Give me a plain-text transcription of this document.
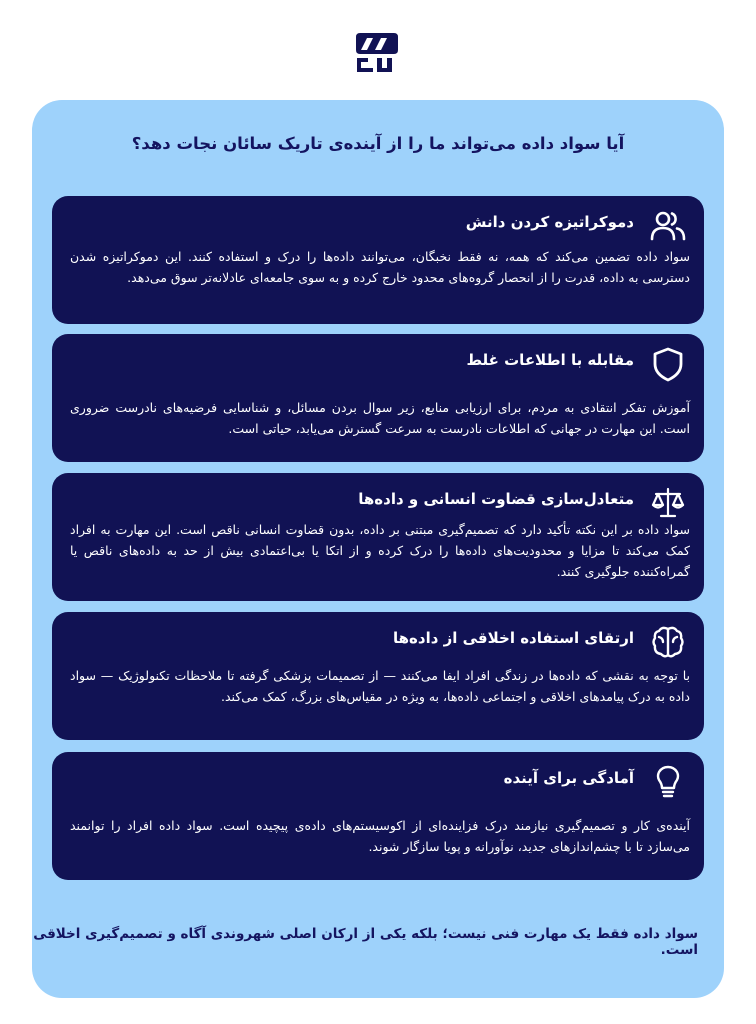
آیا سواد داده می‌تواند ما را از آینده‌ی تاریک سائان نجات دهد؟
دموکراتیزه کردن دانش
سواد داده تضمین می‌کند که همه، نه فقط نخبگان، می‌توانند داده‌ها را درک و استفاده کنند. این دموکراتیزه شدن دسترسی به داده، قدرت را از انحصار گروه‌های محدود خارج کرده و به سوی جامعه‌ای عادلانه‌تر سوق می‌دهد.
مقابله با اطلاعات غلط
آموزش تفکر انتقادی به مردم، برای ارزیابی منابع، زیر سوال بردن مسائل، و شناسایی فرضیه‌های نادرست ضروری است. این مهارت در جهانی که اطلاعات نادرست به سرعت گسترش می‌یابد، حیاتی است.
متعادل‌سازی قضاوت انسانی و داده‌ها
سواد داده بر این نکته تأکید دارد که تصمیم‌گیری مبتنی بر داده، بدون قضاوت انسانی ناقص است. این مهارت به افراد کمک می‌کند تا مزایا و محدودیت‌های داده‌ها را درک کرده و از اتکا یا بی‌اعتمادی بیش از حد به داده‌های ناقص یا گمراه‌کننده جلوگیری کنند.
ارتقای استفاده اخلاقی از داده‌ها
با توجه به نقشی که داده‌ها در زندگی افراد ایفا می‌کنند — از تصمیمات پزشکی گرفته تا ملاحظات تکنولوژیک — سواد داده به درک پیامدهای اخلاقی و اجتماعی داده‌ها، به ویژه در مقیاس‌های بزرگ، کمک می‌کند.
آمادگی برای آینده
آینده‌ی کار و تصمیم‌گیری نیازمند درک فزاینده‌ای از اکوسیستم‌های داده‌ی پیچیده است. سواد داده افراد را توانمند می‌سازد تا با چشم‌اندازهای جدید، نوآورانه و پویا سازگار شوند.
سواد داده فقط یک مهارت فنی نیست؛ بلکه یکی از ارکان اصلی شهروندی آگاه و تصمیم‌گیری اخلاقی است.
